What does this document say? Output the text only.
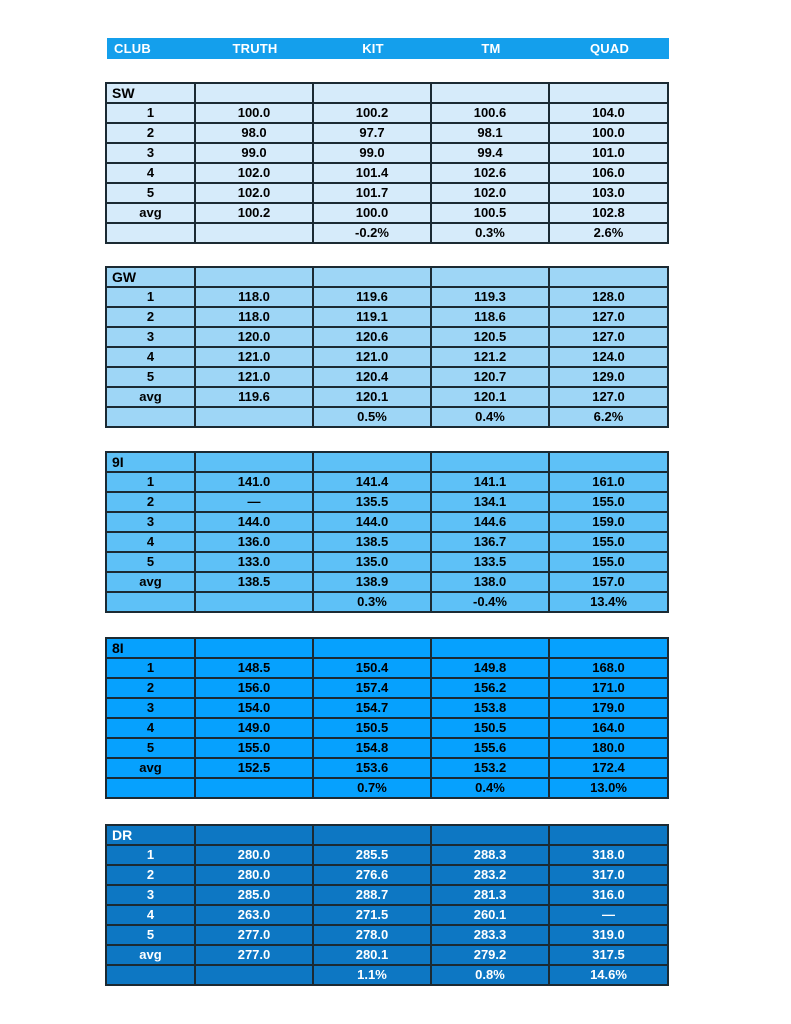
CLUB	TRUTH	KIT	TM	QUAD
SW				
1	100.0	100.2	100.6	104.0
2	98.0	97.7	98.1	100.0
3	99.0	99.0	99.4	101.0
4	102.0	101.4	102.6	106.0
5	102.0	101.7	102.0	103.0
avg	100.2	100.0	100.5	102.8
		-0.2%	0.3%	2.6%
GW				
1	118.0	119.6	119.3	128.0
2	118.0	119.1	118.6	127.0
3	120.0	120.6	120.5	127.0
4	121.0	121.0	121.2	124.0
5	121.0	120.4	120.7	129.0
avg	119.6	120.1	120.1	127.0
		0.5%	0.4%	6.2%
9I				
1	141.0	141.4	141.1	161.0
2	—	135.5	134.1	155.0
3	144.0	144.0	144.6	159.0
4	136.0	138.5	136.7	155.0
5	133.0	135.0	133.5	155.0
avg	138.5	138.9	138.0	157.0
		0.3%	-0.4%	13.4%
8I				
1	148.5	150.4	149.8	168.0
2	156.0	157.4	156.2	171.0
3	154.0	154.7	153.8	179.0
4	149.0	150.5	150.5	164.0
5	155.0	154.8	155.6	180.0
avg	152.5	153.6	153.2	172.4
		0.7%	0.4%	13.0%
DR				
1	280.0	285.5	288.3	318.0
2	280.0	276.6	283.2	317.0
3	285.0	288.7	281.3	316.0
4	263.0	271.5	260.1	—
5	277.0	278.0	283.3	319.0
avg	277.0	280.1	279.2	317.5
		1.1%	0.8%	14.6%
